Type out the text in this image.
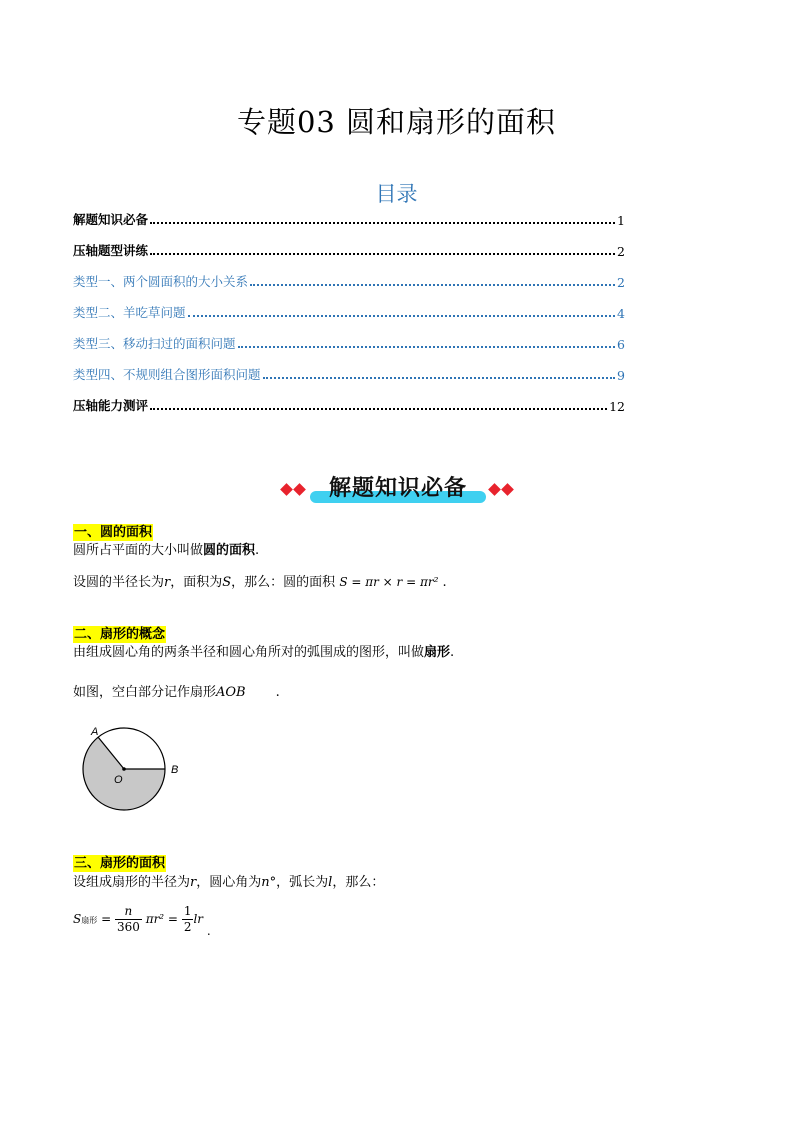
专题03 圆和扇形的面积
目录
解题知识必备	1
压轴题型讲练	2
类型一、两个圆面积的大小关系	2
类型二、羊吃草问题	4
类型三、移动扫过的面积问题	6
类型四、不规则组合图形面积问题	9
压轴能力测评	12
解题知识必备
一、圆的面积
圆所占平面的大小叫做圆的面积.
设圆的半径长为r，面积为S，那么：圆的面积 S = πr × r = πr² .
二、扇形的概念
由组成圆心角的两条半径和圆心角所对的弧围成的图形，叫做扇形.
如图，空白部分记作扇形AOB .
A
B
O
三、扇形的面积
设组成扇形的半径为r，圆心角为n°，弧长为l，那么：
S扇形 = $\frac{n}{360} \pi r^2 = \frac{1}{2}$ lr .
